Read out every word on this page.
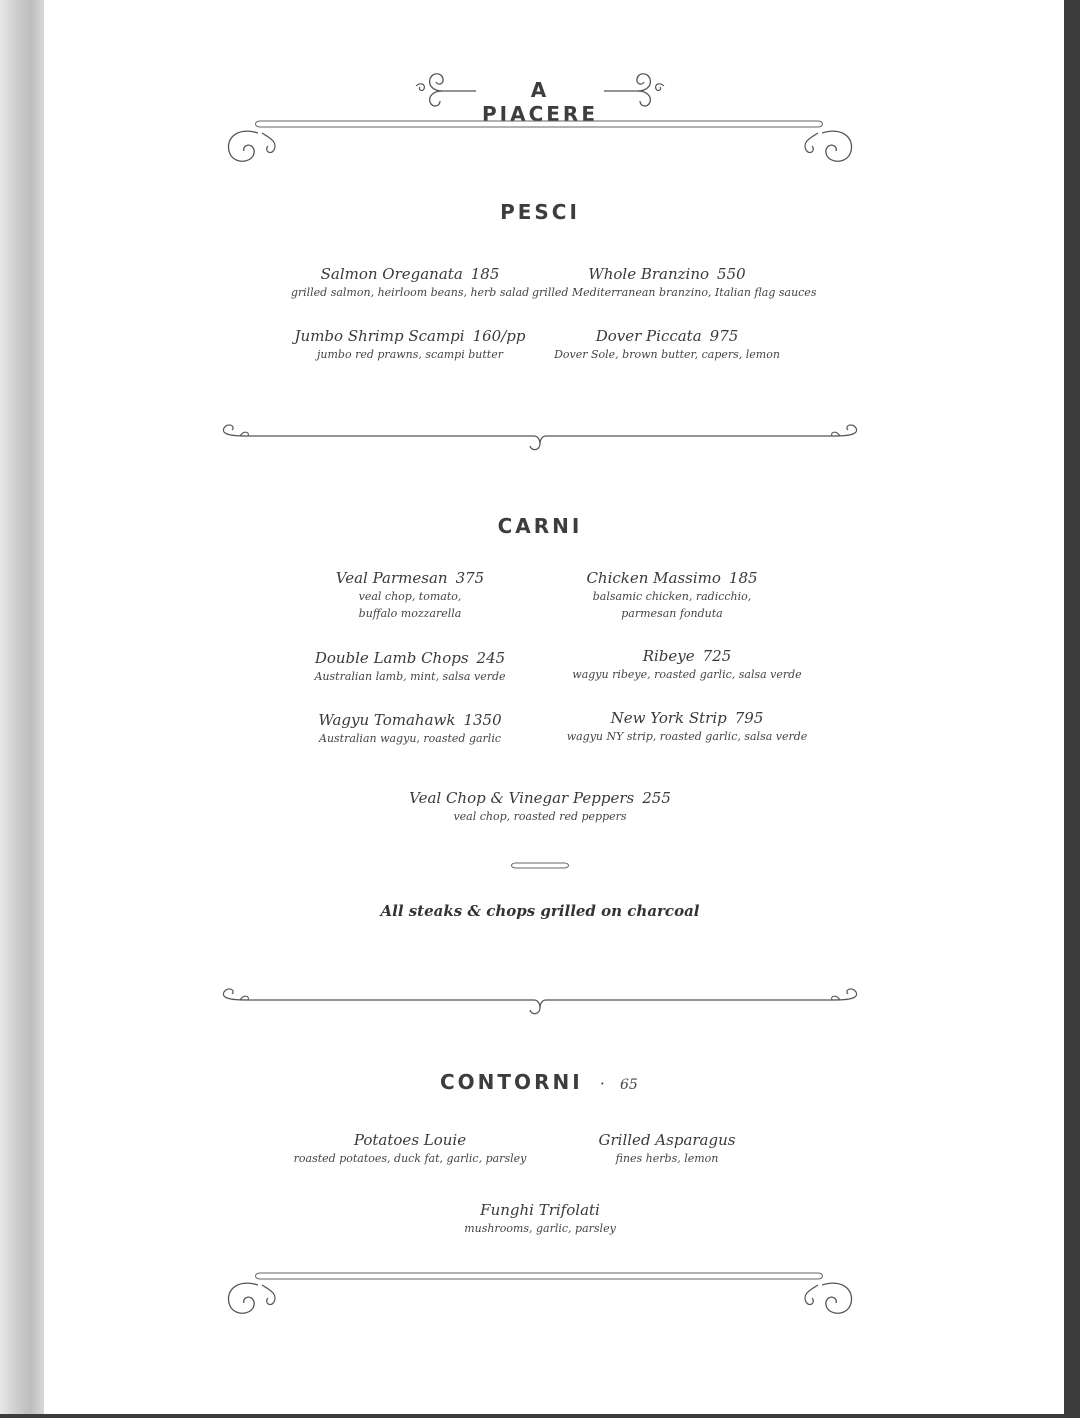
A PIACERE
PESCI
Salmon Oreganata 185
grilled salmon, heirloom beans, herb salad
Whole Branzino 550
grilled Mediterranean branzino, Italian flag sauces
Jumbo Shrimp Scampi 160/pp
jumbo red prawns, scampi butter
Dover Piccata 975
Dover Sole, brown butter, capers, lemon
CARNI
Veal Parmesan 375
veal chop, tomato,
buffalo mozzarella
Chicken Massimo 185
balsamic chicken, radicchio,
parmesan fonduta
Double Lamb Chops 245
Australian lamb, mint, salsa verde
Ribeye 725
wagyu ribeye, roasted garlic, salsa verde
Wagyu Tomahawk 1350
Australian wagyu, roasted garlic
New York Strip 795
wagyu NY strip, roasted garlic, salsa verde
Veal Chop & Vinegar Peppers 255
veal chop, roasted red peppers
All steaks & chops grilled on charcoal
CONTORNI · 65
Potatoes Louie
roasted potatoes, duck fat, garlic, parsley
Grilled Asparagus
fines herbs, lemon
Funghi Trifolati
mushrooms, garlic, parsley
